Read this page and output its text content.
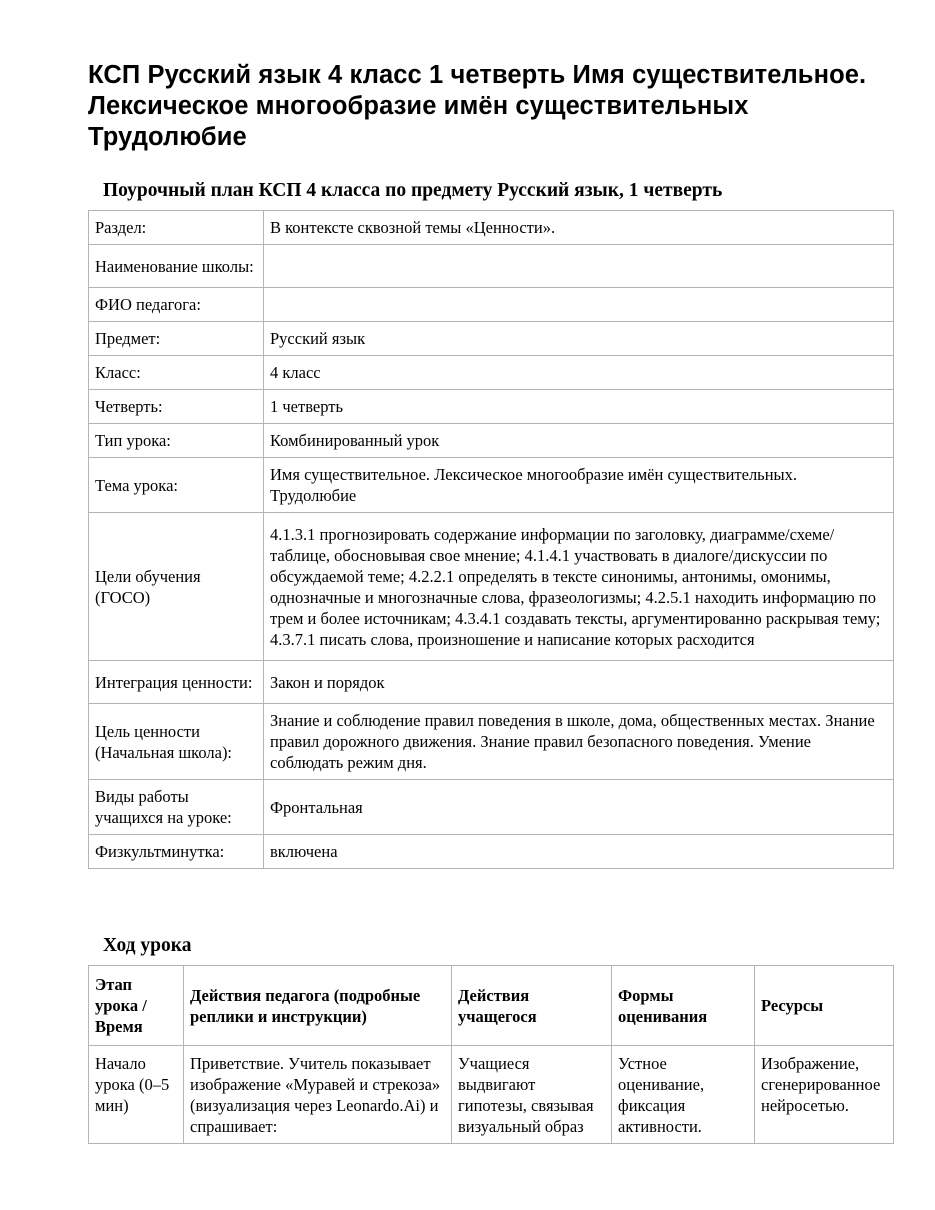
КСП Русский язык 4 класс 1 четверть Имя существительное. Лексическое многообразие имён существительных Трудолюбие
Поурочный план КСП 4 класса по предмету Русский язык, 1 четверть
Раздел:	В контексте сквозной темы «Ценности».
Наименование школы:	
ФИО педагога:	
Предмет:	Русский язык
Класс:	4 класс
Четверть:	1 четверть
Тип урока:	Комбинированный урок
Тема урока:	Имя существительное. Лексическое многообразие имён существительных. Трудолюбие
Цели обучения (ГОСО)	4.1.3.1 прогнозировать содержание информации по заголовку, диаграмме/схеме/ таблице, обосновывая свое мнение; 4.1.4.1 участвовать в диалоге/дискуссии по обсуждаемой теме; 4.2.2.1 определять в тексте синонимы, антонимы, омонимы, однозначные и многозначные слова, фразеологизмы; 4.2.5.1 находить информацию по трем и более источникам; 4.3.4.1 создавать тексты, аргументированно раскрывая тему; 4.3.7.1 писать слова, произношение и написание которых расходится
Интеграция ценности:	Закон и порядок
Цель ценности (Начальная школа):	Знание и соблюдение правил поведения в школе, дома, общественных местах. Знание правил дорожного движения. Знание правил безопасного поведения. Умение соблюдать режим дня.
Виды работы учащихся на уроке:	Фронтальная
Физкультминутка:	включена
Ход урока
Этап урока / Время	Действия педагога (подробные реплики и инструкции)	Действия учащегося	Формы оценивания	Ресурсы
Начало урока (0–5 мин)	Приветствие. Учитель показывает изображение «Муравей и стрекоза» (визуализация через Leonardo.Ai) и спрашивает:	Учащиеся выдвигают гипотезы, связывая визуальный образ	Устное оценивание, фиксация активности.	Изображение, сгенерированное нейросетью.
